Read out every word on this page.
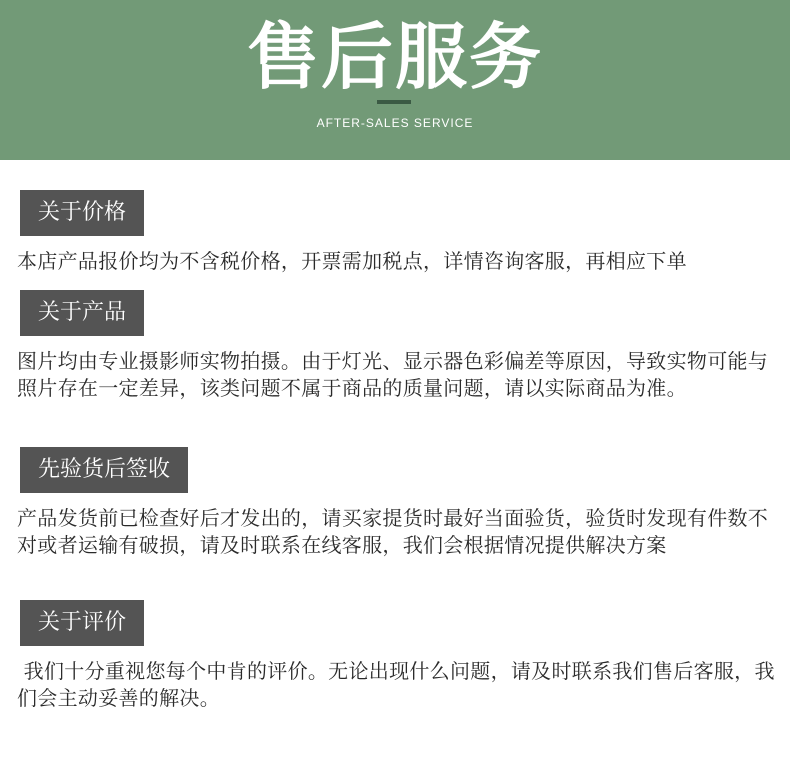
售后服务
AFTER-SALES SERVICE
关于价格
本店产品报价均为不含税价格，开票需加税点，详情咨询客服，再相应下单
关于产品
图片均由专业摄影师实物拍摄。由于灯光、显示器色彩偏差等原因，导致实物可能与照片存在一定差异，该类问题不属于商品的质量问题，请以实际商品为准。
先验货后签收
产品发货前已检查好后才发出的，请买家提货时最好当面验货，验货时发现有件数不对或者运输有破损，请及时联系在线客服，我们会根据情况提供解决方案
关于评价
我们十分重视您每个中肯的评价。无论出现什么问题，请及时联系我们售后客服，我们会主动妥善的解决。
